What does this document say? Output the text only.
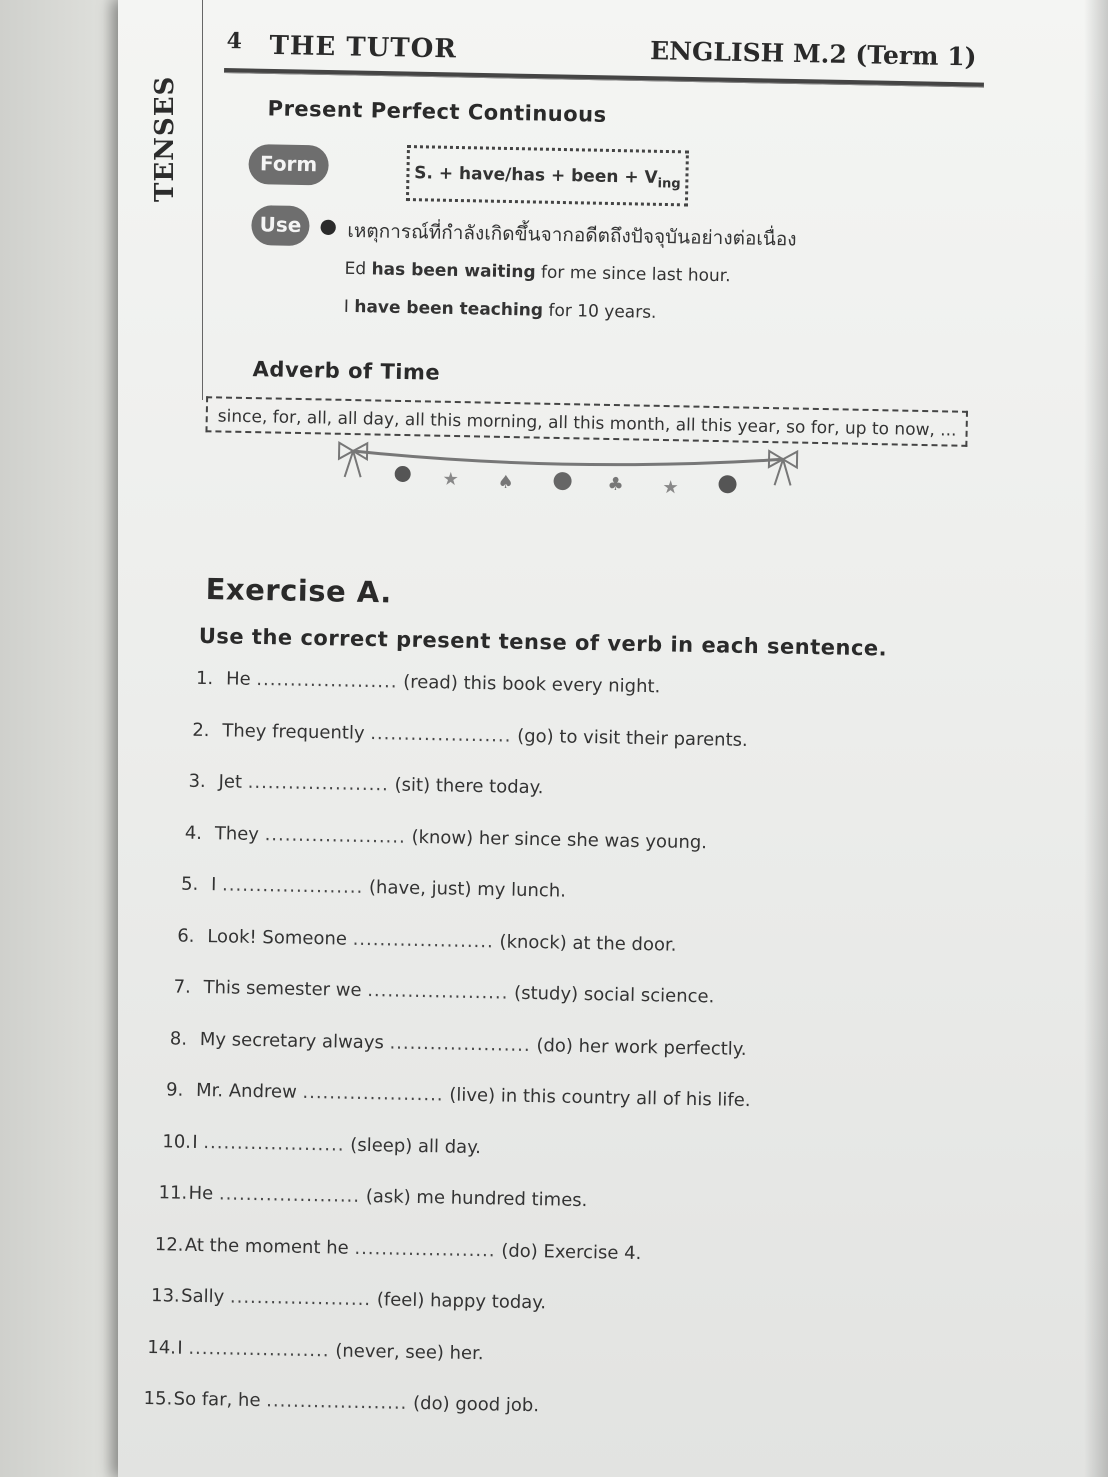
TENSES
4 THE TUTOR	ENGLISH M.2 (Term 1)
Present Perfect Continuous
Form	S. + have/has + been + $V_{ing}$
Use ● เหตุการณ์ที่กำลังเกิดขึ้นจากอดีตถึงปัจจุบันอย่างต่อเนื่อง
Ed has been waiting for me since last hour.
I have been teaching for 10 years.
Adverb of Time
since, for, all, all day, all this morning, all this month, all this year, so for, up to now, ...
★ ♠	♣ ★
Exercise A.
Use the correct present tense of verb in each sentence.
1. He ..................... (read) this book every night.
2. They frequently ..................... (go) to visit their parents.
3. Jet ..................... (sit) there today.
4. They ..................... (know) her since she was young.
5. I ..................... (have, just) my lunch.
6. Look! Someone ..................... (knock) at the door.
7. This semester we ..................... (study) social science.
8. My secretary always ..................... (do) her work perfectly.
9. Mr. Andrew ..................... (live) in this country all of his life.
10.I ..................... (sleep) all day.
11.He ..................... (ask) me hundred times.
12.At the moment he ..................... (do) Exercise 4.
13.Sally ..................... (feel) happy today.
14.I ..................... (never, see) her.
15.So far, he ..................... (do) good job.
